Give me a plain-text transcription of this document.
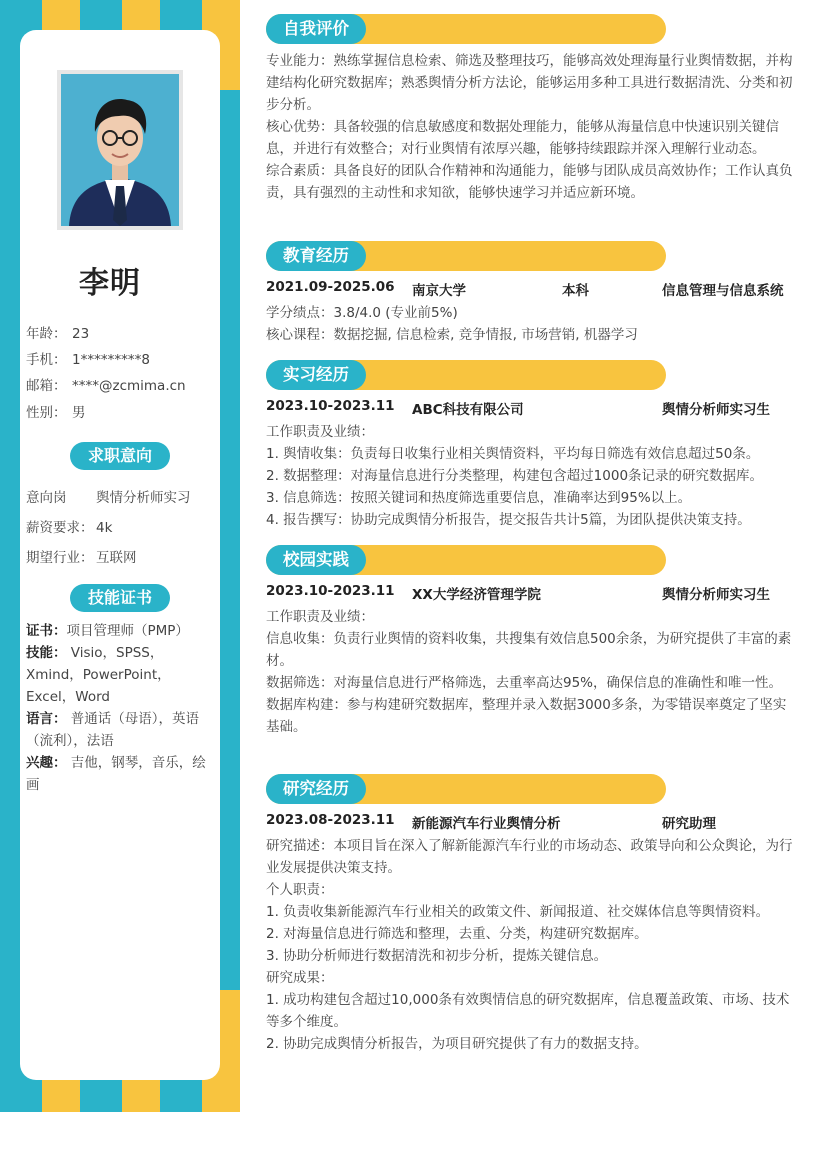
李明
年龄： 23
手机： 1*********8
邮箱： ****@zcmima.cn
性别： 男
求职意向
意向岗 舆情分析师实习
薪资要求： 4k
期望行业： 互联网
技能证书
证书：项目管理师（PMP）
技能： Visio，SPSS，Xmind，PowerPoint，Excel，Word
语言： 普通话（母语），英语（流利），法语
兴趣： 吉他，钢琴，音乐，绘画
自我评价
专业能力：熟练掌握信息检索、筛选及整理技巧，能够高效处理海量行业舆情数据，并构建结构化研究数据库；熟悉舆情分析方法论，能够运用多种工具进行数据清洗、分类和初步分析。
核心优势：具备较强的信息敏感度和数据处理能力，能够从海量信息中快速识别关键信息，并进行有效整合；对行业舆情有浓厚兴趣，能够持续跟踪并深入理解行业动态。
综合素质：具备良好的团队合作精神和沟通能力，能够与团队成员高效协作；工作认真负责，具有强烈的主动性和求知欲，能够快速学习并适应新环境。
教育经历
2021.09-2025.06 南京大学	本科	信息管理与信息系统
学分绩点：3.8/4.0 (专业前5%)
核心课程：数据挖掘, 信息检索, 竞争情报, 市场营销, 机器学习
实习经历
2023.10-2023.11 ABC科技有限公司	舆情分析师实习生
工作职责及业绩：
1. 舆情收集：负责每日收集行业相关舆情资料，平均每日筛选有效信息超过50条。
2. 数据整理：对海量信息进行分类整理，构建包含超过1000条记录的研究数据库。
3. 信息筛选：按照关键词和热度筛选重要信息，准确率达到95%以上。
4. 报告撰写：协助完成舆情分析报告，提交报告共计5篇，为团队提供决策支持。
校园实践
2023.10-2023.11 XX大学经济管理学院	舆情分析师实习生
工作职责及业绩：
信息收集：负责行业舆情的资料收集，共搜集有效信息500余条，为研究提供了丰富的素材。
数据筛选：对海量信息进行严格筛选，去重率高达95%，确保信息的准确性和唯一性。
数据库构建：参与构建研究数据库，整理并录入数据3000多条，为零错误率奠定了坚实基础。
研究经历
2023.08-2023.11 新能源汽车行业舆情分析	研究助理
研究描述：本项目旨在深入了解新能源汽车行业的市场动态、政策导向和公众舆论，为行业发展提供决策支持。
个人职责：
1. 负责收集新能源汽车行业相关的政策文件、新闻报道、社交媒体信息等舆情资料。
2. 对海量信息进行筛选和整理，去重、分类，构建研究数据库。
3. 协助分析师进行数据清洗和初步分析，提炼关键信息。
研究成果：
1. 成功构建包含超过10,000条有效舆情信息的研究数据库，信息覆盖政策、市场、技术等多个维度。
2. 协助完成舆情分析报告，为项目研究提供了有力的数据支持。
